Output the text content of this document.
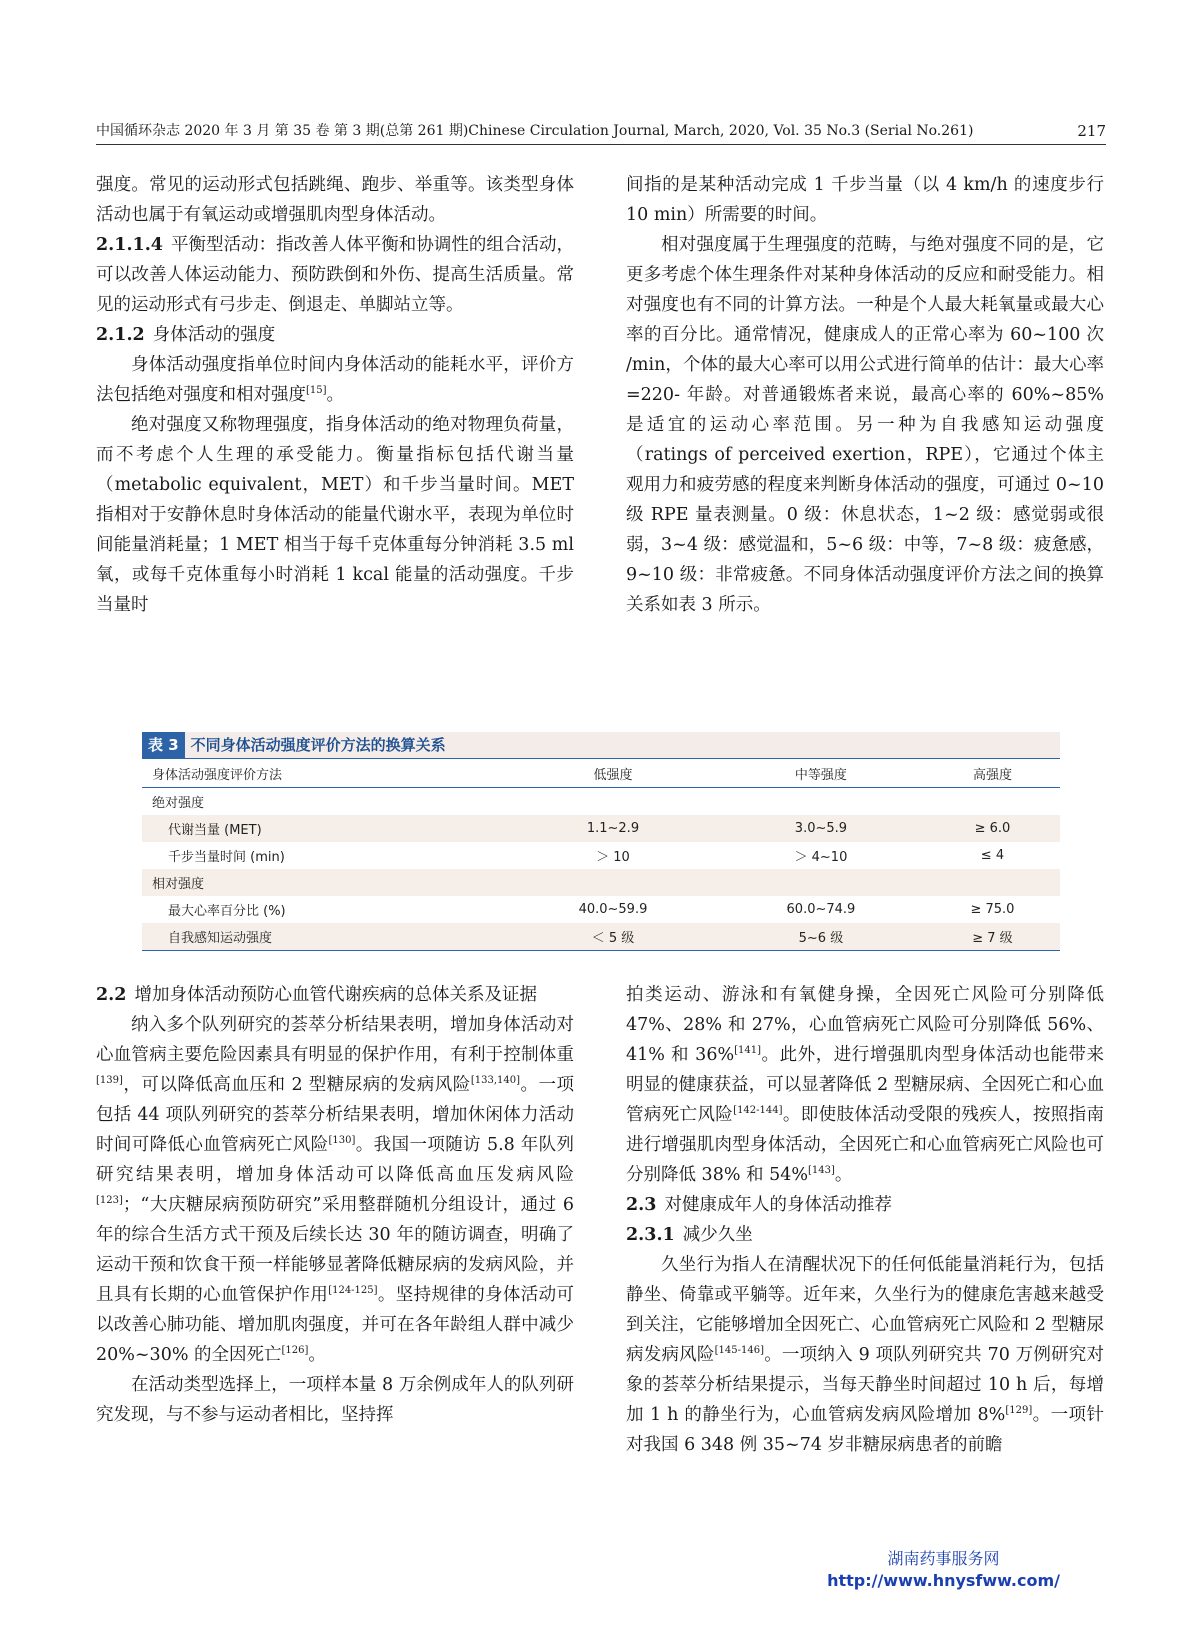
中国循环杂志 2020 年 3 月 第 35 卷 第 3 期(总第 261 期)Chinese Circulation Journal, March, 2020, Vol. 35 No.3 (Serial No.261)	217

强度。常见的运动形式包括跳绳、跑步、举重等。该类型身体活动也属于有氧运动或增强肌肉型身体活动。

2.1.1.4 平衡型活动：指改善人体平衡和协调性的组合活动，可以改善人体运动能力、预防跌倒和外伤、提高生活质量。常见的运动形式有弓步走、倒退走、单脚站立等。

2.1.2 身体活动的强度

身体活动强度指单位时间内身体活动的能耗水平，评价方法包括绝对强度和相对强度[15]。

绝对强度又称物理强度，指身体活动的绝对物理负荷量，而不考虑个人生理的承受能力。衡量指标包括代谢当量（metabolic equivalent，MET）和千步当量时间。MET 指相对于安静休息时身体活动的能量代谢水平，表现为单位时间能量消耗量；1 MET 相当于每千克体重每分钟消耗 3.5 ml 氧，或每千克体重每小时消耗 1 kcal 能量的活动强度。千步当量时

间指的是某种活动完成 1 千步当量（以 4 km/h 的速度步行 10 min）所需要的时间。

相对强度属于生理强度的范畴，与绝对强度不同的是，它更多考虑个体生理条件对某种身体活动的反应和耐受能力。相对强度也有不同的计算方法。一种是个人最大耗氧量或最大心率的百分比。通常情况，健康成人的正常心率为 60~100 次 /min，个体的最大心率可以用公式进行简单的估计：最大心率 =220- 年龄。对普通锻炼者来说，最高心率的 60%~85% 是适宜的运动心率范围。另一种为自我感知运动强度（ratings of perceived exertion，RPE），它通过个体主观用力和疲劳感的程度来判断身体活动的强度，可通过 0~10 级 RPE 量表测量。0 级：休息状态，1~2 级：感觉弱或很弱，3~4 级：感觉温和，5~6 级：中等，7~8 级：疲惫感，9~10 级：非常疲惫。不同身体活动强度评价方法之间的换算关系如表 3 所示。

表 3 不同身体活动强度评价方法的换算关系
身体活动强度评价方法	低强度	中等强度	高强度
绝对强度			
代谢当量 (MET)	1.1~2.9	3.0~5.9	≥ 6.0
千步当量时间 (min)	＞ 10	＞ 4~10	≤ 4
相对强度			
最大心率百分比 (%)	40.0~59.9	60.0~74.9	≥ 75.0
自我感知运动强度	＜ 5 级	5~6 级	≥ 7 级

2.2 增加身体活动预防心血管代谢疾病的总体关系及证据

纳入多个队列研究的荟萃分析结果表明，增加身体活动对心血管病主要危险因素具有明显的保护作用，有利于控制体重[139]，可以降低高血压和 2 型糖尿病的发病风险[133,140]。一项包括 44 项队列研究的荟萃分析结果表明，增加休闲体力活动时间可降低心血管病死亡风险[130]。我国一项随访 5.8 年队列研究结果表明，增加身体活动可以降低高血压发病风险[123]；“大庆糖尿病预防研究”采用整群随机分组设计，通过 6 年的综合生活方式干预及后续长达 30 年的随访调查，明确了运动干预和饮食干预一样能够显著降低糖尿病的发病风险，并且具有长期的心血管保护作用[124-125]。坚持规律的身体活动可以改善心肺功能、增加肌肉强度，并可在各年龄组人群中减少 20%~30% 的全因死亡[126]。

在活动类型选择上，一项样本量 8 万余例成年人的队列研究发现，与不参与运动者相比，坚持挥

拍类运动、游泳和有氧健身操，全因死亡风险可分别降低 47%、28% 和 27%，心血管病死亡风险可分别降低 56%、41% 和 36%[141]。此外，进行增强肌肉型身体活动也能带来明显的健康获益，可以显著降低 2 型糖尿病、全因死亡和心血管病死亡风险[142-144]。即使肢体活动受限的残疾人，按照指南进行增强肌肉型身体活动，全因死亡和心血管病死亡风险也可分别降低 38% 和 54%[143]。

2.3 对健康成年人的身体活动推荐

2.3.1 减少久坐

久坐行为指人在清醒状况下的任何低能量消耗行为，包括静坐、倚靠或平躺等。近年来，久坐行为的健康危害越来越受到关注，它能够增加全因死亡、心血管病死亡风险和 2 型糖尿病发病风险[145-146]。一项纳入 9 项队列研究共 70 万例研究对象的荟萃分析结果提示，当每天静坐时间超过 10 h 后，每增加 1 h 的静坐行为，心血管病发病风险增加 8%[129]。一项针对我国 6 348 例 35~74 岁非糖尿病患者的前瞻

湖南药事服务网
http://www.hnysfww.com/
